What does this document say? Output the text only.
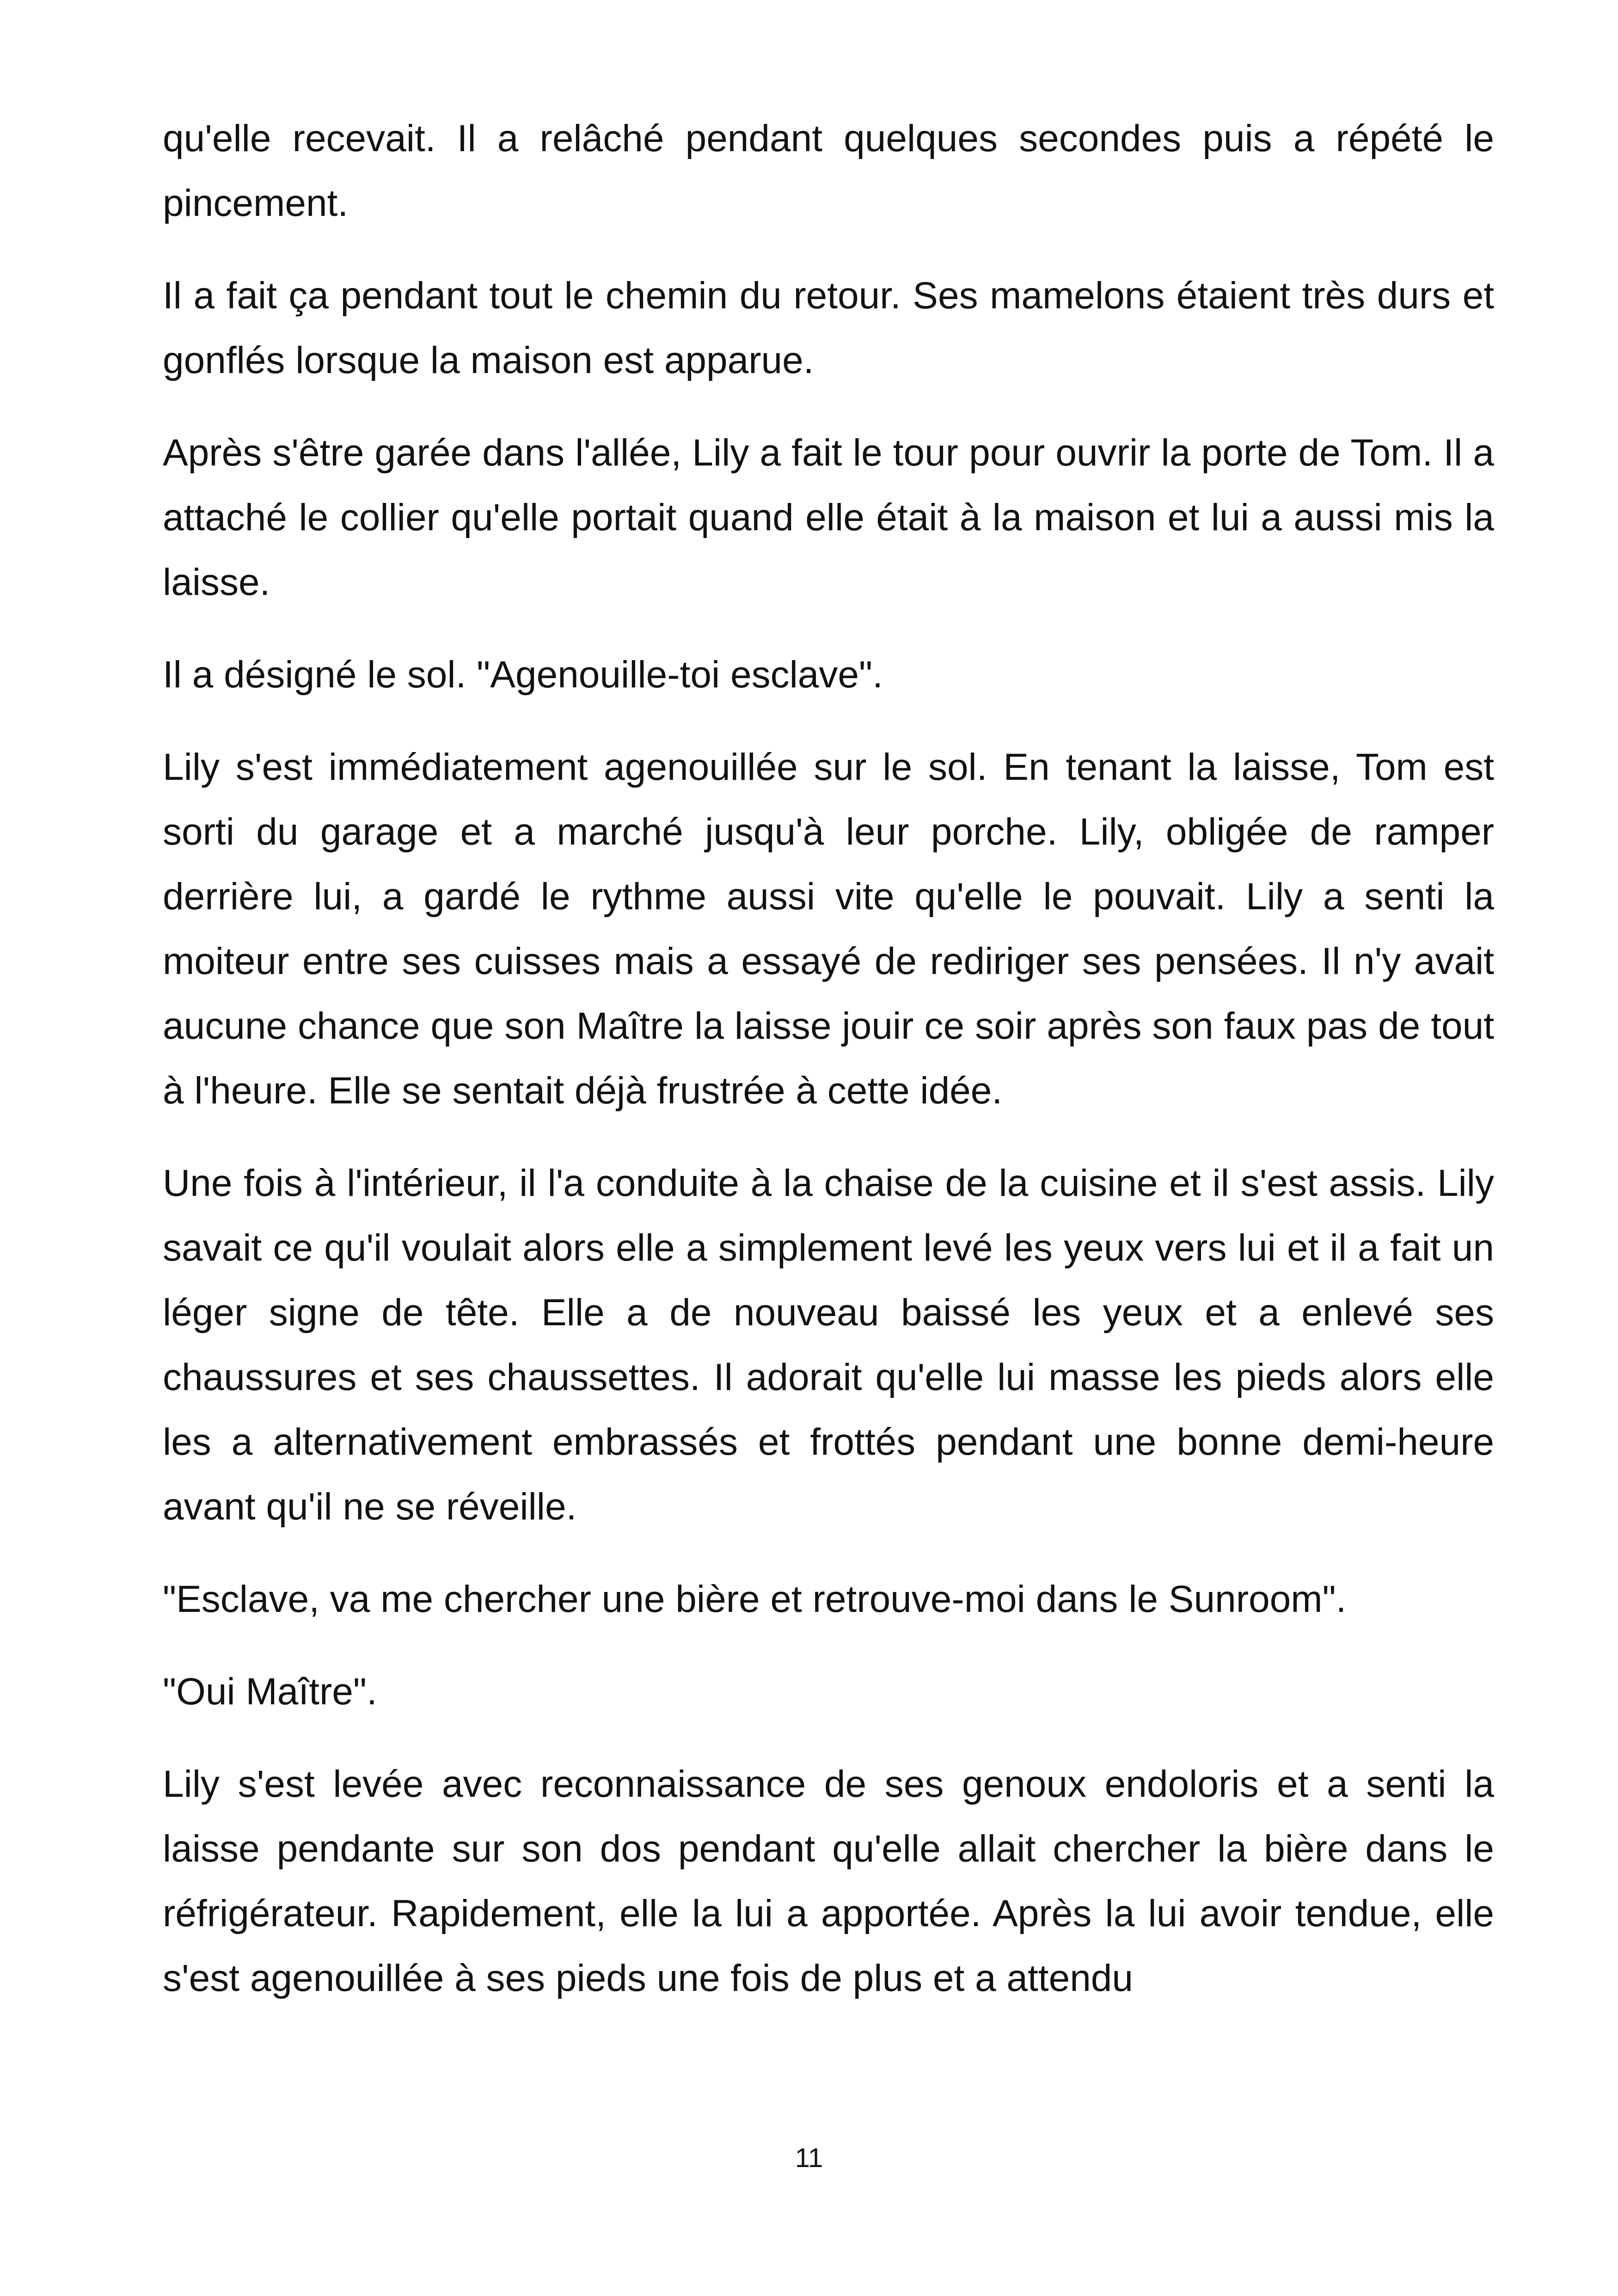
qu'elle recevait. Il a relâché pendant quelques secondes puis a répété le pincement.

Il a fait ça pendant tout le chemin du retour. Ses mamelons étaient très durs et gonflés lorsque la maison est apparue.

Après s'être garée dans l'allée, Lily a fait le tour pour ouvrir la porte de Tom. Il a attaché le collier qu'elle portait quand elle était à la maison et lui a aussi mis la laisse.

Il a désigné le sol. "Agenouille-toi esclave".

Lily s'est immédiatement agenouillée sur le sol. En tenant la laisse, Tom est sorti du garage et a marché jusqu'à leur porche. Lily, obligée de ramper derrière lui, a gardé le rythme aussi vite qu'elle le pouvait. Lily a senti la moiteur entre ses cuisses mais a essayé de rediriger ses pensées. Il n'y avait aucune chance que son Maître la laisse jouir ce soir après son faux pas de tout à l'heure. Elle se sentait déjà frustrée à cette idée.

Une fois à l'intérieur, il l'a conduite à la chaise de la cuisine et il s'est assis. Lily savait ce qu'il voulait alors elle a simplement levé les yeux vers lui et il a fait un léger signe de tête. Elle a de nouveau baissé les yeux et a enlevé ses chaussures et ses chaussettes. Il adorait qu'elle lui masse les pieds alors elle les a alternativement embrassés et frottés pendant une bonne demi-heure avant qu'il ne se réveille.

"Esclave, va me chercher une bière et retrouve-moi dans le Sunroom".

"Oui Maître".

Lily s'est levée avec reconnaissance de ses genoux endoloris et a senti la laisse pendante sur son dos pendant qu'elle allait chercher la bière dans le réfrigérateur. Rapidement, elle la lui a apportée. Après la lui avoir tendue, elle s'est agenouillée à ses pieds une fois de plus et a attendu

11
